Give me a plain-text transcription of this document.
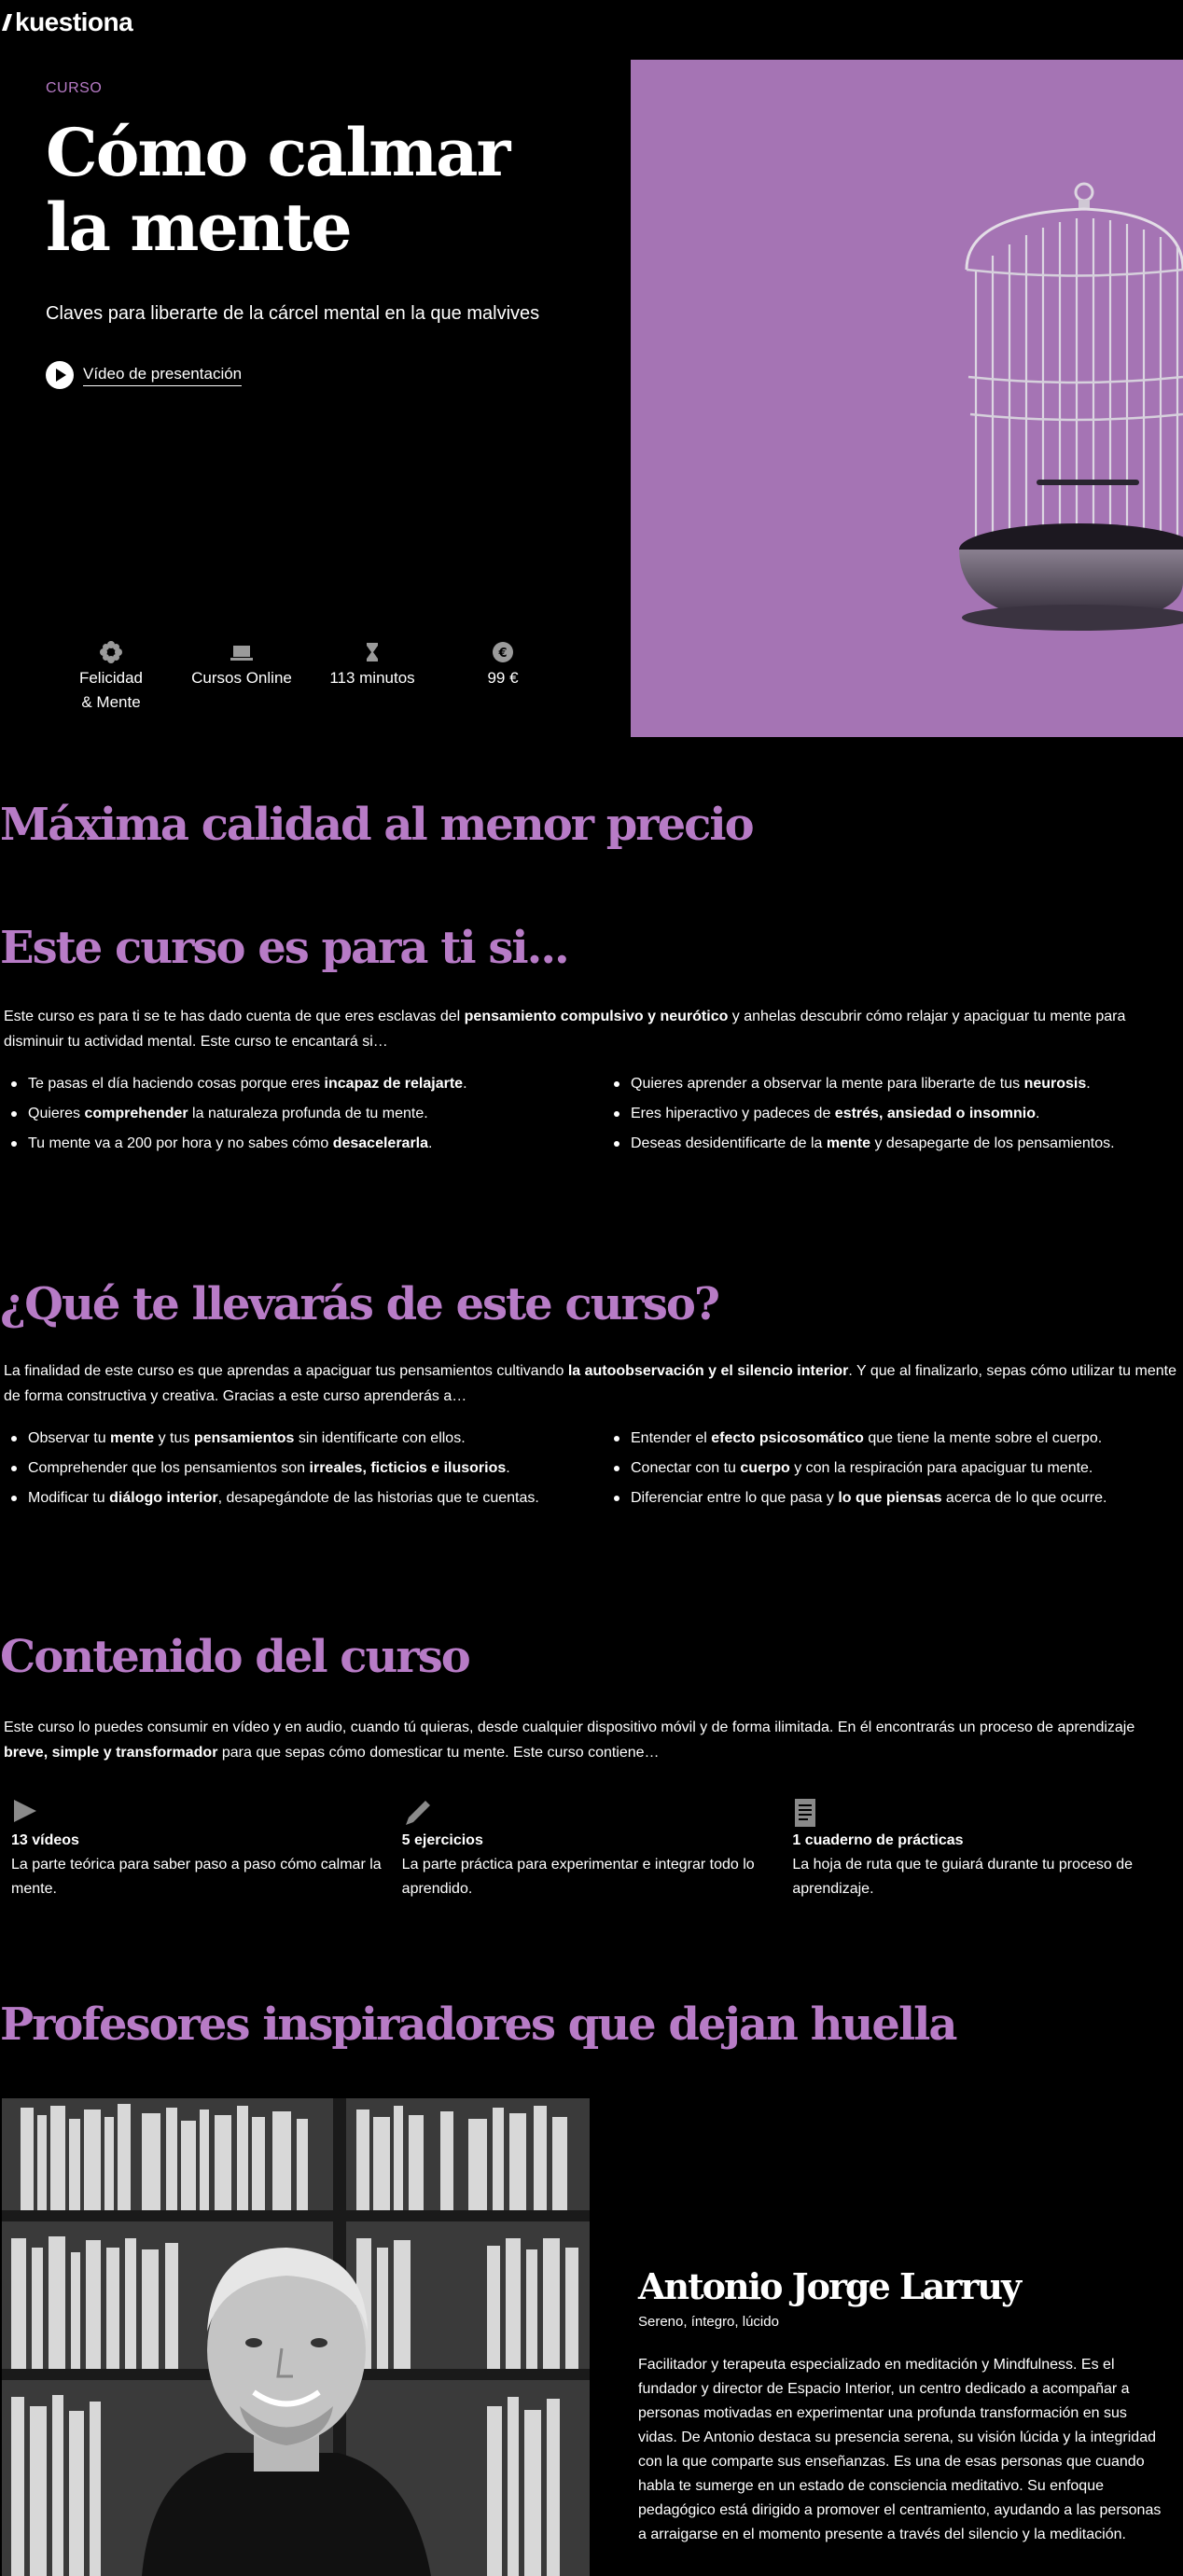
kuestiona
CURSO
Cómo calmar la mente
Claves para liberarte de la cárcel mental en la que malvives
Vídeo de presentación
Felicidad
& Mente
Cursos Online	113 minutos
€
99 €
Máxima calidad al menor precio
Este curso es para ti si...

Este curso es para ti se te has dado cuenta de que eres esclavas del pensamiento compulsivo y neurótico y anhelas descubrir cómo relajar y apaciguar tu mente para disminuir tu actividad mental. Este curso te encantará si…

Te pasas el día haciendo cosas porque eres incapaz de relajarte.	Quieres aprender a observar la mente para liberarte de tus neurosis.
Quieres comprehender la naturaleza profunda de tu mente.	Eres hiperactivo y padeces de estrés, ansiedad o insomnio.
Tu mente va a 200 por hora y no sabes cómo desacelerarla.	Deseas desidentificarte de la mente y desapegarte de los pensamientos.
¿Qué te llevarás de este curso?

La finalidad de este curso es que aprendas a apaciguar tus pensamientos cultivando la autoobservación y el silencio interior. Y que al finalizarlo, sepas cómo utilizar tu mente de forma constructiva y creativa. Gracias a este curso aprenderás a…

Observar tu mente y tus pensamientos sin identificarte con ellos.	Entender el efecto psicosomático que tiene la mente sobre el cuerpo.
Comprehender que los pensamientos son irreales, ficticios e ilusorios.	Conectar con tu cuerpo y con la respiración para apaciguar tu mente.
Modificar tu diálogo interior, desapegándote de las historias que te cuentas.	Diferenciar entre lo que pasa y lo que piensas acerca de lo que ocurre.
Contenido del curso

Este curso lo puedes consumir en vídeo y en audio, cuando tú quieras, desde cualquier dispositivo móvil y de forma ilimitada. En él encontrarás un proceso de aprendizaje breve, simple y transformador para que sepas cómo domesticar tu mente. Este curso contiene…

13 vídeos
La parte teórica para saber paso a paso cómo calmar la mente.
5 ejercicios
La parte práctica para experimentar e integrar todo lo aprendido.
1 cuaderno de prácticas
La hoja de ruta que te guiará durante tu proceso de aprendizaje.
Profesores inspiradores que dejan huella
Antonio Jorge Larruy
Sereno, íntegro, lúcido

Facilitador y terapeuta especializado en meditación y Mindfulness. Es el fundador y director de Espacio Interior, un centro dedicado a acompañar a personas motivadas en experimentar una profunda transformación en sus vidas. De Antonio destaca su presencia serena, su visión lúcida y la integridad con la que comparte sus enseñanzas. Es una de esas personas que cuando habla te sumerge en un estado de consciencia meditativo. Su enfoque pedagógico está dirigido a promover el centramiento, ayudando a las personas a arraigarse en el momento presente a través del silencio y la meditación.
